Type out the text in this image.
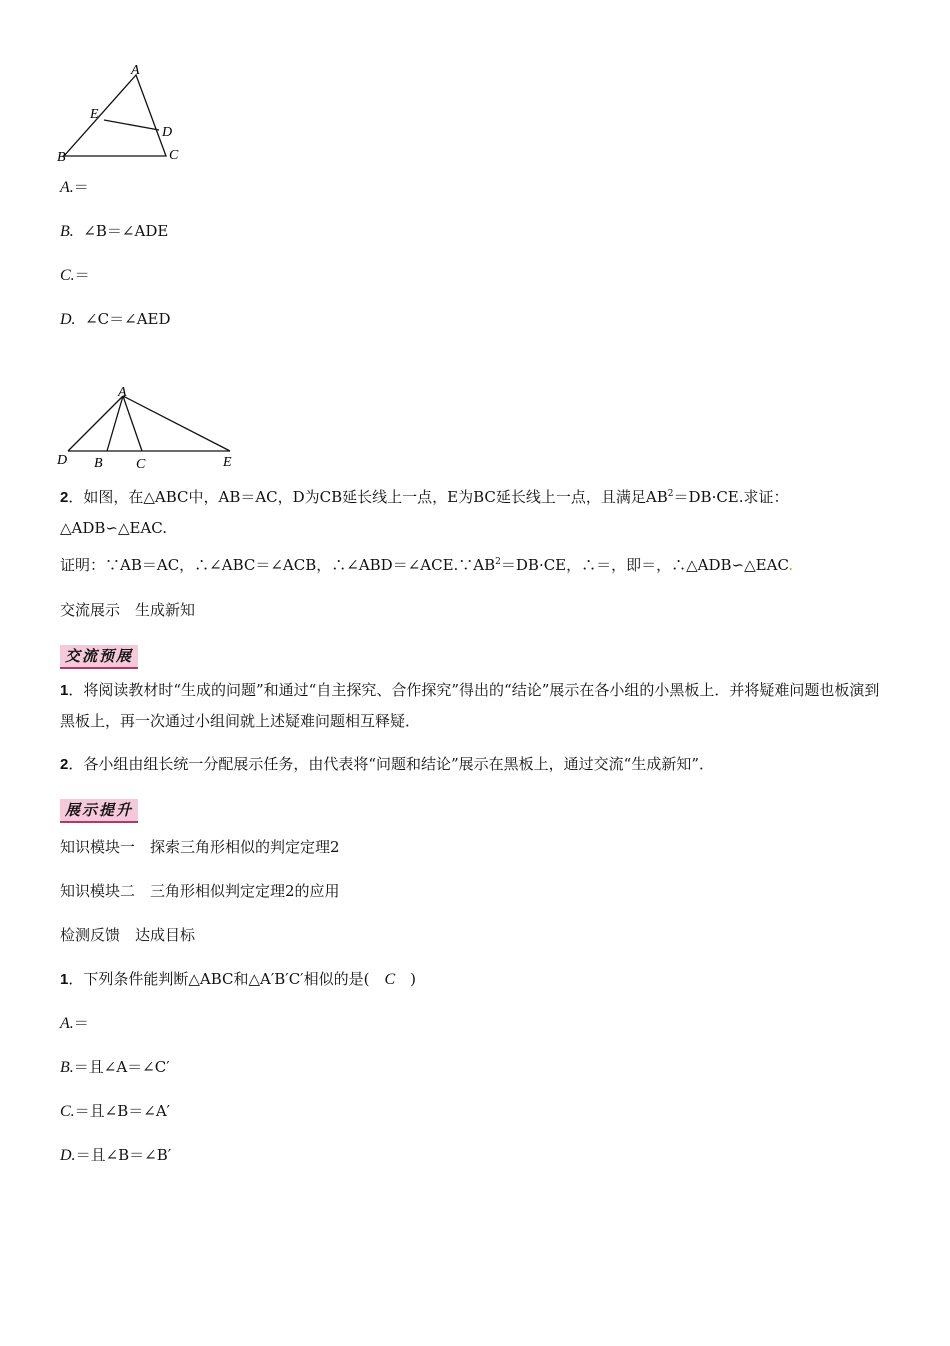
A
E
D
B	C
A.＝
B. ∠B＝∠ADE
C.＝
D. ∠C＝∠AED
A
D B C	E
2．如图，在△ABC中，AB＝AC，D为CB延长线上一点，E为BC延长线上一点，且满足$AB^2=DB\cdot CE$.求证：△ADB∽△EAC.
证明：∵AB＝AC，∴∠ABC＝∠ACB，$\therefore\angle ABD=\angle ACE.\because AB^2=DB\cdot CE$，∴＝，即＝，∴△ADB∽△EAC.
交流展示　生成新知
交流预展
1．将阅读教材时“生成的问题”和通过“自主探究、合作探究”得出的“结论”展示在各小组的小黑板上．并将疑难问题也板演到黑板上，再一次通过小组间就上述疑难问题相互释疑．
2．各小组由组长统一分配展示任务，由代表将“问题和结论”展示在黑板上，通过交流“生成新知”．
展示提升
知识模块一　探索三角形相似的判定定理2
知识模块二　三角形相似判定定理2的应用
检测反馈　达成目标
1．下列条件能判断△ABC和△A′B′C′相似的是(　C　)
A.＝
B.＝且∠A＝∠C′
C.＝且∠B＝∠A′
D.＝且∠B＝∠B′
